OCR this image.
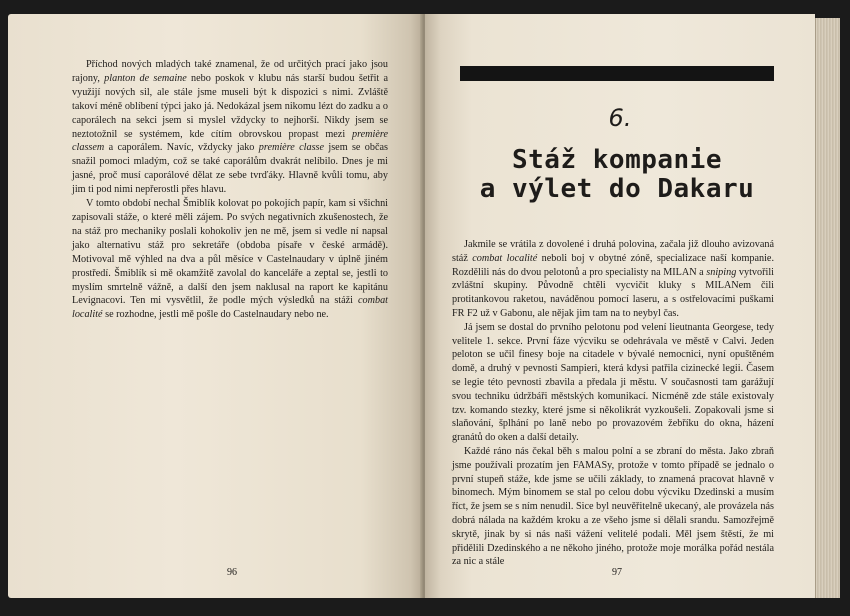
Příchod nových mladých také znamenal, že od určitých prací jako jsou rajony, planton de semaine nebo poskok v klubu nás starší budou šetřit a využijí nových sil, ale stále jsme museli být k dispozici s nimi. Zvláště takoví méně oblíbení týpci jako já. Nedokázal jsem nikomu lézt do zadku a o caporálech na sekci jsem si myslel vždycky to nejhorší. Nikdy jsem se neztotožnil se systémem, kde cítím obrovskou propast mezi première classem a caporálem. Navíc, vždycky jako première classe jsem se občas snažil pomoci mladým, což se také caporálům dvakrát nelíbilo. Dnes je mi jasné, proč musí caporálové dělat ze sebe tvrďáky. Hlavně kvůli tomu, aby jim ti pod nimi nepřerostli přes hlavu.

V tomto období nechal Šmiblík kolovat po pokojích papír, kam si všichni zapisovali stáže, o které měli zájem. Po svých negativních zkušenostech, že na stáž pro mechaniky poslali kohokoliv jen ne mě, jsem si vedle ní napsal jako alternativu stáž pro sekretáře (obdoba písaře v české armádě). Motivoval mě výhled na dva a půl měsíce v Castelnaudary v úplně jiném prostředí. Šmiblík si mě okamžitě zavolal do kanceláře a zeptal se, jestli to myslím smrtelně vážně, a další den jsem naklusal na raport ke kapitánu Levignacovi. Ten mi vysvětlil, že podle mých výsledků na stáži combat localité se rozhodne, jestli mě pošle do Castelnaudary nebo ne.

96
6.
Stáž kompanie
a výlet do Dakaru

Jakmile se vrátila z dovolené i druhá polovina, začala již dlouho avizovaná stáž combat localité neboli boj v obytné zóně, specializace naší kompanie. Rozdělili nás do dvou pelotonů a pro specialisty na MILAN a sniping vytvořili zvláštní skupiny. Původně chtěli vycvičit kluky s MILANem čili protitankovou raketou, naváděnou pomocí laseru, a s ostřelovacími puškami FR F2 už v Gabonu, ale nějak jim tam na to neybyl čas.

Já jsem se dostal do prvního pelotonu pod velení lieutnanta Georgese, tedy velitele 1. sekce. První fáze výcviku se odehrávala ve městě v Calvi. Jeden peloton se učil finesy boje na citadele v bývalé nemocnici, nyní opuštěném domě, a druhý v pevnosti Sampieri, která kdysi patřila cizinecké legii. Časem se legie této pevnosti zbavila a předala ji městu. V současnosti tam garážují svou techniku údržbáři městských komunikací. Nicméně zde stále existovaly tzv. komando stezky, které jsme si několikrát vyzkoušeli. Zopakovali jsme si slaňování, šplhání po laně nebo po provazovém žebříku do okna, házení granátů do oken a další detaily.

Každé ráno nás čekal běh s malou polní a se zbraní do města. Jako zbraň jsme používali prozatím jen FAMASy, protože v tomto případě se jednalo o první stupeň stáže, kde jsme se učili základy, to znamená pracovat hlavně v binomech. Mým binomem se stal po celou dobu výcviku Dzedinski a musím říct, že jsem se s ním nenudil. Sice byl neuvěřitelně ukecaný, ale provázela nás dobrá nálada na každém kroku a ze všeho jsme si dělali srandu. Samozřejmě skrytě, jinak by si nás naši vážení velitelé podali. Měl jsem štěstí, že mi přidělili Dzedinského a ne někoho jiného, protože moje morálka pořád nestála za nic a stále

97
